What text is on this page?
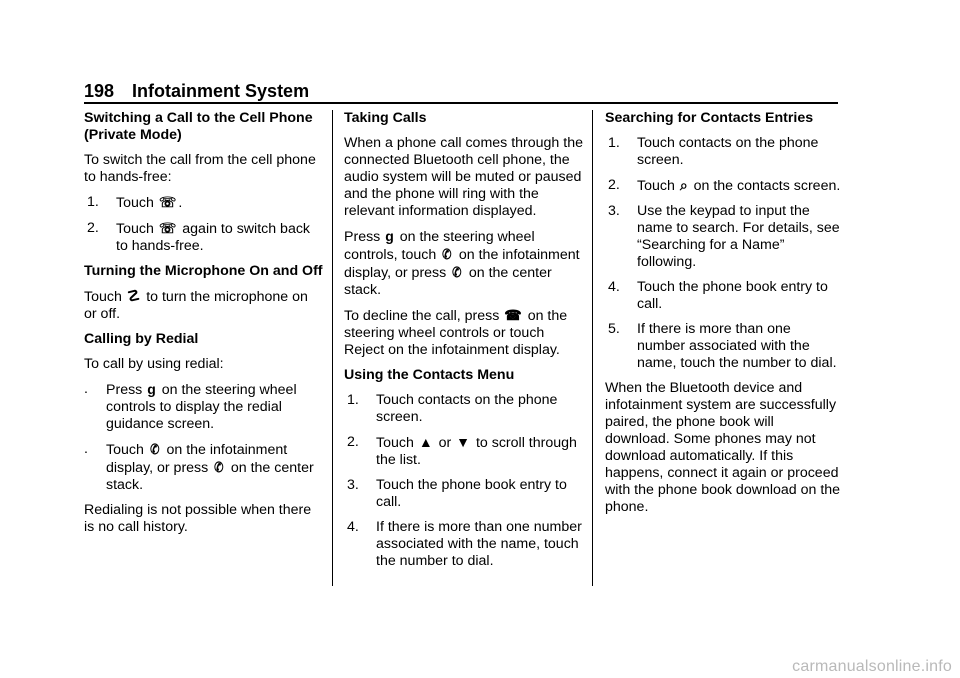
198 Infotainment System
Switching a Call to the Cell Phone (Private Mode)
To switch the call from the cell phone to hands-free:
1.	Touch ☏ .
2.	Touch ☏ again to switch back to hands-free.
Turning the Microphone On and Off
Touch ☡ to turn the microphone on or off.
Calling by Redial
To call by using redial:
.	Press g on the steering wheel controls to display the redial guidance screen.
.	Touch ✆ on the infotainment display, or press ✆ on the center stack.
Redialing is not possible when there is no call history.
Taking Calls
When a phone call comes through the connected Bluetooth cell phone, the audio system will be muted or paused and the phone will ring with the relevant information displayed.
Press g on the steering wheel controls, touch ✆ on the infotainment display, or press ✆ on the center stack.
To decline the call, press ☎ on the steering wheel controls or touch Reject on the infotainment display.
Using the Contacts Menu
1.	Touch contacts on the phone screen.
2.	Touch ▲ or ▼ to scroll through the list.
3.	Touch the phone book entry to call.
4.	If there is more than one number associated with the name, touch the number to dial.
Searching for Contacts Entries
1.	Touch contacts on the phone screen.
2.	Touch ⌕ on the contacts screen.
3.	Use the keypad to input the name to search. For details, see “Searching for a Name” following.
4.	Touch the phone book entry to call.
5.	If there is more than one number associated with the name, touch the number to dial.
When the Bluetooth device and infotainment system are successfully paired, the phone book will download. Some phones may not download automatically. If this happens, connect it again or proceed with the phone book download on the phone.
carmanualsonline.info
